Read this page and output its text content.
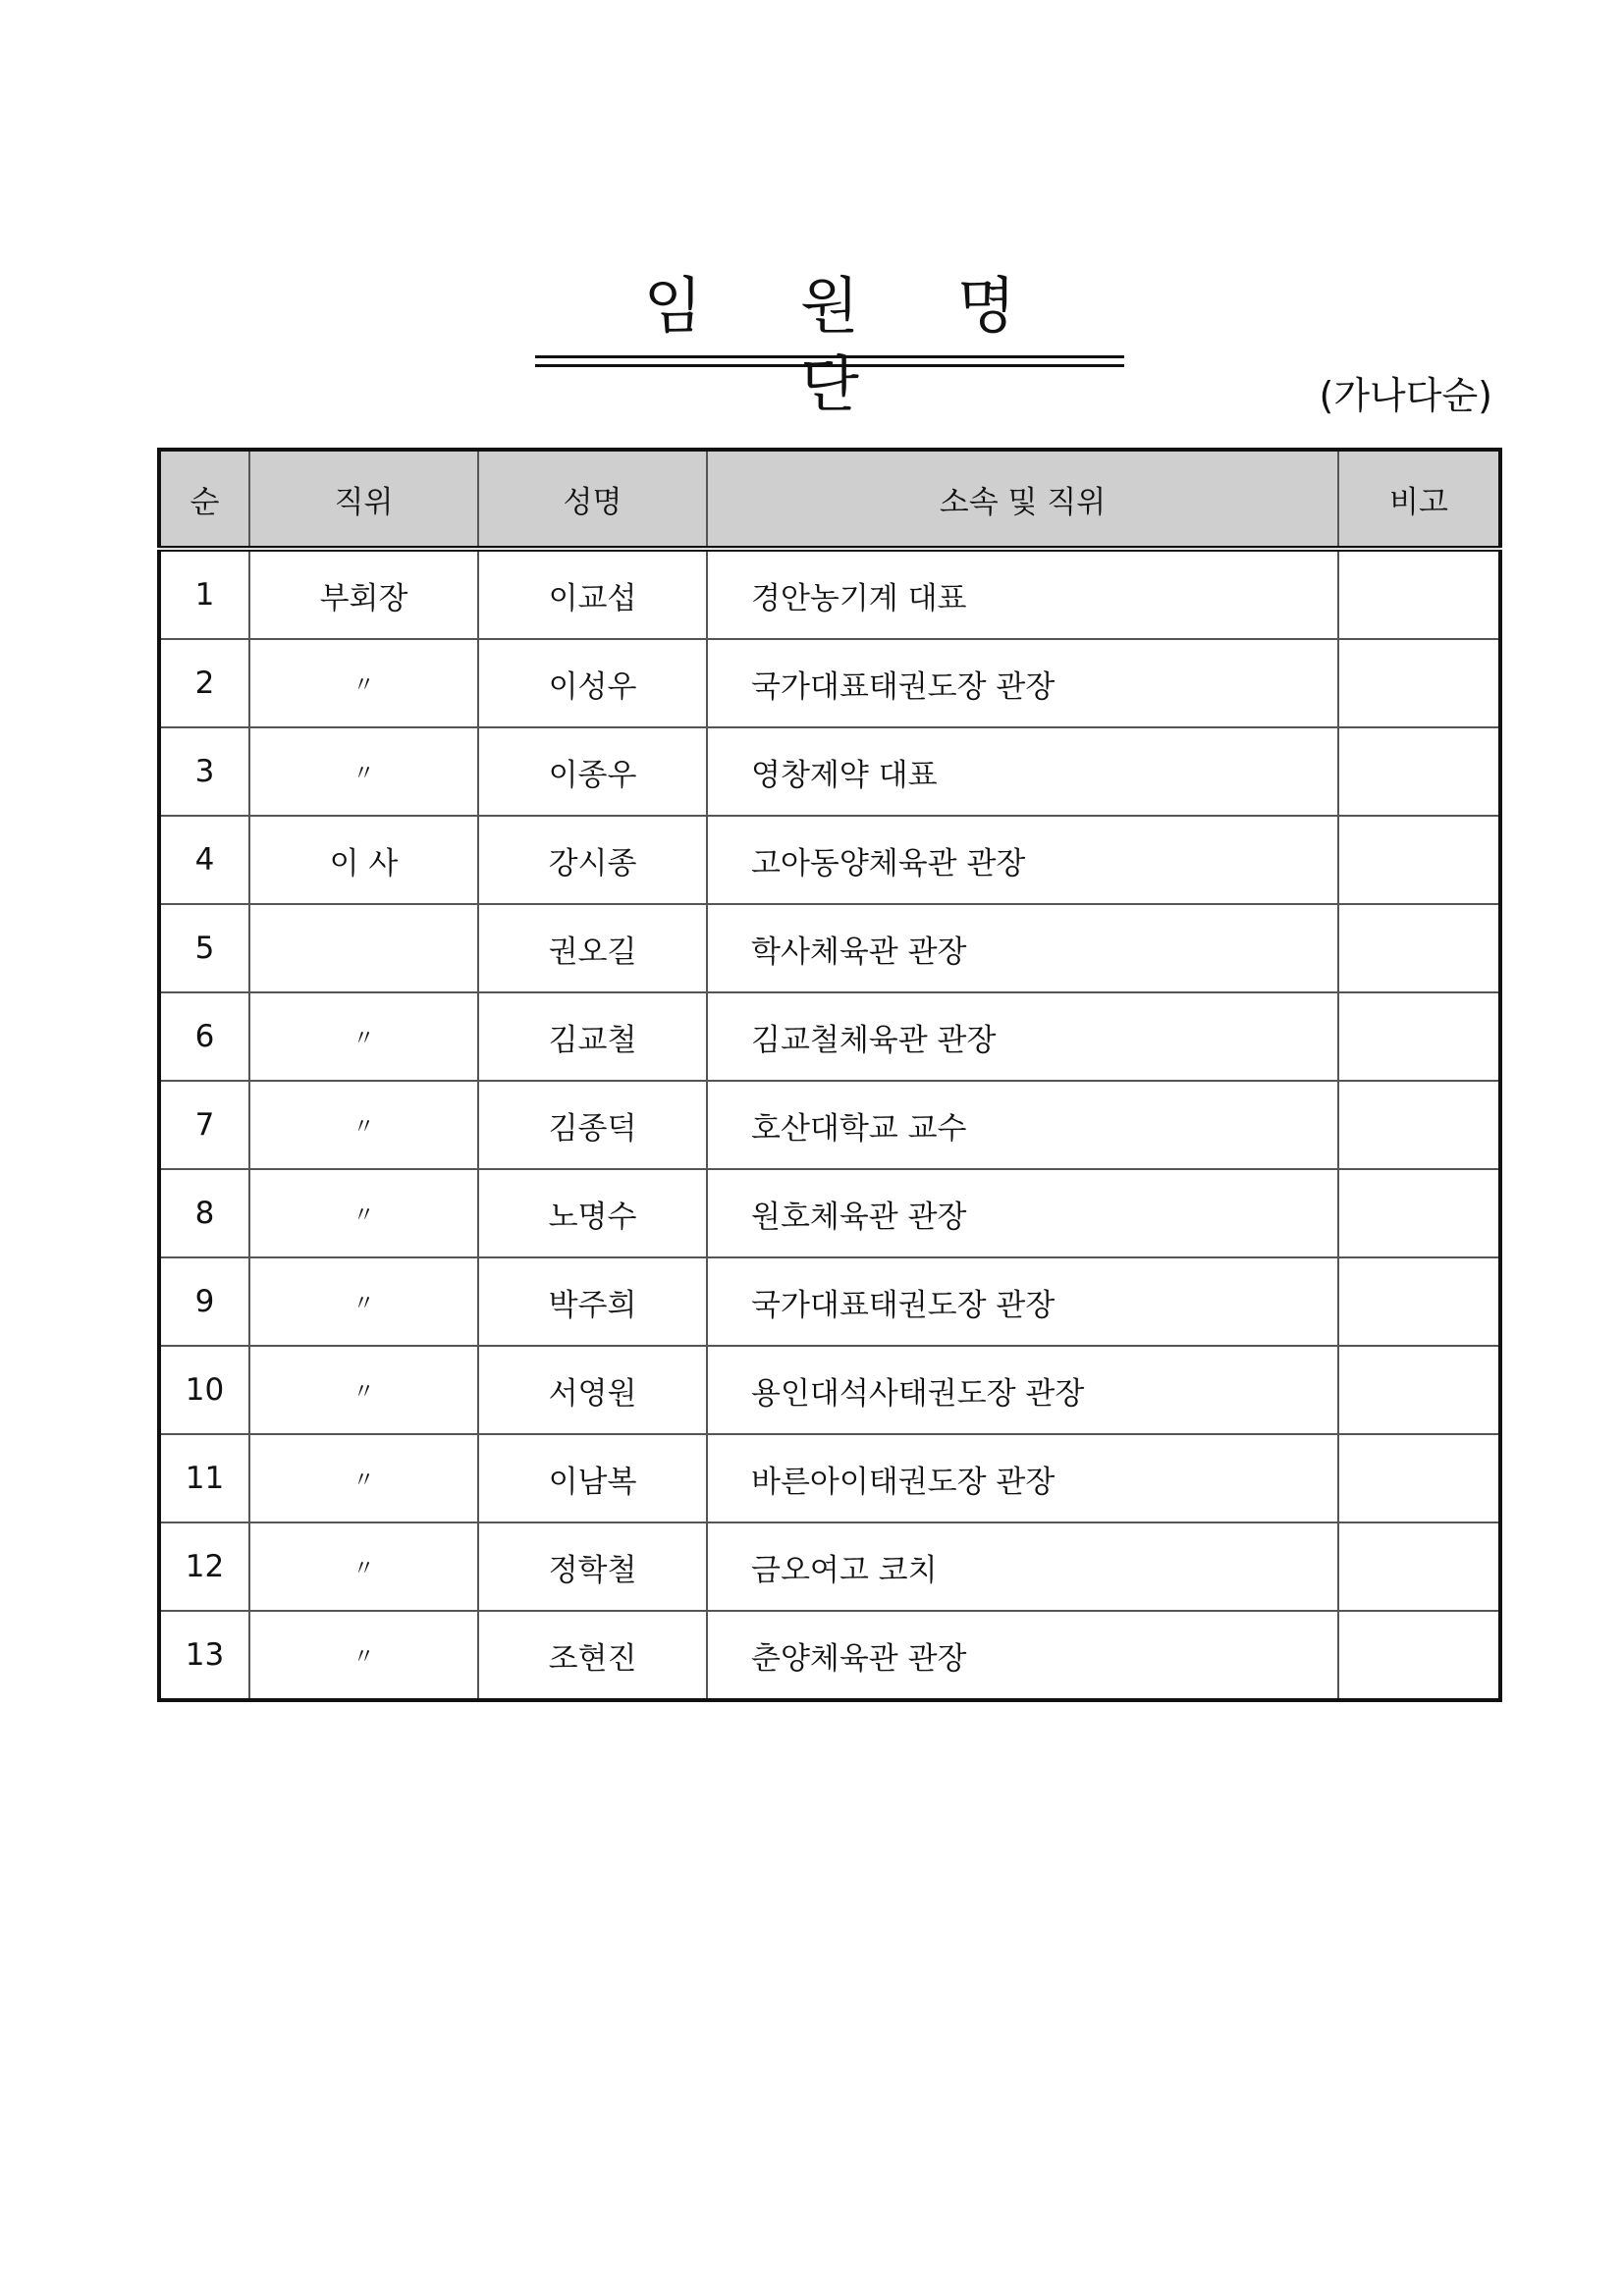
임 원 명 단	(가나다순)
순	직위	성명	소속 및 직위	비고
1	부회장	이교섭	경안농기계 대표	
2	〃	이성우	국가대표태권도장 관장	
3	〃	이종우	영창제약 대표	
4	이 사	강시종	고아동양체육관 관장	
5		권오길	학사체육관 관장	
6	〃	김교철	김교철체육관 관장	
7	〃	김종덕	호산대학교 교수	
8	〃	노명수	원호체육관 관장	
9	〃	박주희	국가대표태권도장 관장	
10	〃	서영원	용인대석사태권도장 관장	
11	〃	이남복	바른아이태권도장 관장	
12	〃	정학철	금오여고 코치	
13	〃	조현진	춘양체육관 관장	
